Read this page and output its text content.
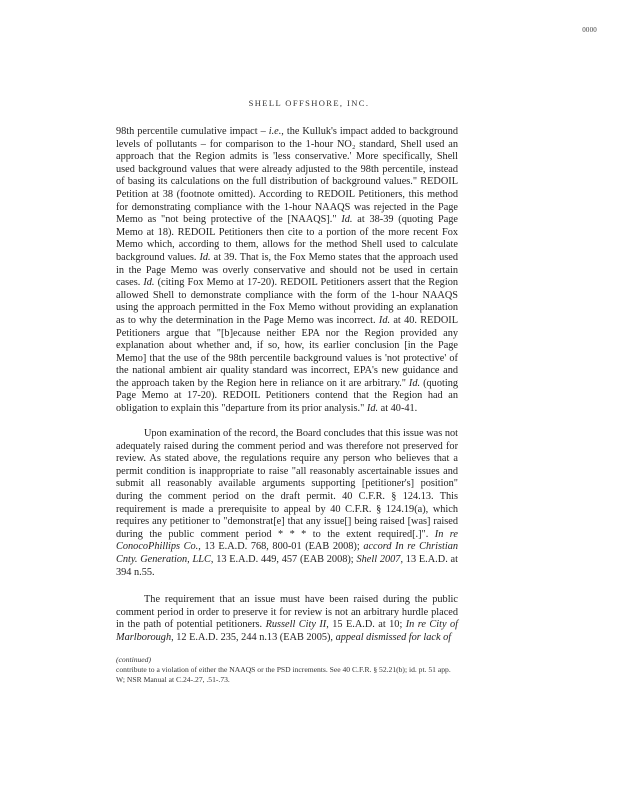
0000
SHELL OFFSHORE, INC.

98th percentile cumulative impact – i.e., the Kulluk's impact added to background levels of pollutants – for comparison to the 1-hour NO₂ standard, Shell used an approach that the Region admits is 'less conservative.' More specifically, Shell used background values that were already adjusted to the 98th percentile, instead of basing its calculations on the full distribution of background values." REDOIL Petition at 38 (footnote omitted). According to REDOIL Petitioners, this method for demonstrating compliance with the 1-hour NAAQS was rejected in the Page Memo as "not being protective of the [NAAQS]." Id. at 38-39 (quoting Page Memo at 18). REDOIL Petitioners then cite to a portion of the more recent Fox Memo which, according to them, allows for the method Shell used to calculate background values. Id. at 39. That is, the Fox Memo states that the approach used in the Page Memo was overly conservative and should not be used in certain cases. Id. (citing Fox Memo at 17-20). REDOIL Petitioners assert that the Region allowed Shell to demonstrate compliance with the form of the 1-hour NAAQS using the approach permitted in the Fox Memo without providing an explanation as to why the determination in the Page Memo was incorrect. Id. at 40. REDOIL Petitioners argue that "[b]ecause neither EPA nor the Region provided any explanation about whether and, if so, how, its earlier conclusion [in the Page Memo] that the use of the 98th percentile background values is 'not protective' of the national ambient air quality standard was incorrect, EPA's new guidance and the approach taken by the Region here in reliance on it are arbitrary." Id. (quoting Page Memo at 17-20). REDOIL Petitioners contend that the Region had an obligation to explain this "departure from its prior analysis." Id. at 40-41.

Upon examination of the record, the Board concludes that this issue was not adequately raised during the comment period and was therefore not preserved for review. As stated above, the regulations require any person who believes that a permit condition is inappropriate to raise "all reasonably ascertainable issues and submit all reasonably available arguments supporting [petitioner's] position" during the comment period on the draft permit. 40 C.F.R. § 124.13. This requirement is made a prerequisite to appeal by 40 C.F.R. § 124.19(a), which requires any petitioner to "demonstrat[e] that any issue[] being raised [was] raised during the public comment period * * * to the extent required[.]". In re ConocoPhillips Co., 13 E.A.D. 768, 800-01 (EAB 2008); accord In re Christian Cnty. Generation, LLC, 13 E.A.D. 449, 457 (EAB 2008); Shell 2007, 13 E.A.D. at 394 n.55.

The requirement that an issue must have been raised during the public comment period in order to preserve it for review is not an arbitrary hurdle placed in the path of potential petitioners. Russell City II, 15 E.A.D. at 10; In re City of Marlborough, 12 E.A.D. 235, 244 n.13 (EAB 2005), appeal dismissed for lack of

(continued)
contribute to a violation of either the NAAQS or the PSD increments. See 40 C.F.R. § 52.21(b); id. pt. 51 app. W; NSR Manual at C.24-.27, .51-.73.
